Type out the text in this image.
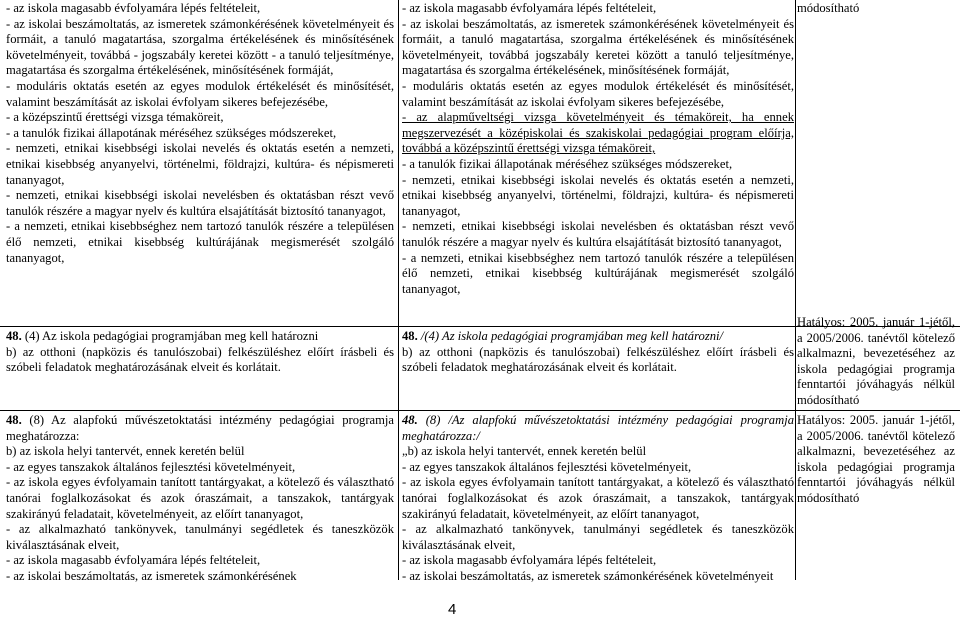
- az iskola magasabb évfolyamára lépés feltételeit,

- az iskolai beszámoltatás, az ismeretek számonkérésének követelményeit és formáit, a tanuló magatartása, szorgalma értékelésének és minősítésének követelményeit, továbbá - jogszabály keretei között - a tanuló teljesítménye, magatartása és szorgalma értékelésének, minősítésének formáját,

- moduláris oktatás esetén az egyes modulok értékelését és minősítését, valamint beszámítását az iskolai évfolyam sikeres befejezésébe,

- a középszintű érettségi vizsga témaköreit,

- a tanulók fizikai állapotának méréséhez szükséges módszereket,

- nemzeti, etnikai kisebbségi iskolai nevelés és oktatás esetén a nemzeti, etnikai kisebbség anyanyelvi, történelmi, földrajzi, kultúra- és népismereti tananyagot,

- nemzeti, etnikai kisebbségi iskolai nevelésben és oktatásban részt vevő tanulók részére a magyar nyelv és kultúra elsajátítását biztosító tananyagot,

- a nemzeti, etnikai kisebbséghez nem tartozó tanulók részére a településen élő nemzeti, etnikai kisebbség kultúrájának megismerését szolgáló tananyagot,

48. (4) Az iskola pedagógiai programjában meg kell határozni

b) az otthoni (napközis és tanulószobai) felkészüléshez előírt írásbeli és szóbeli feladatok meghatározásának elveit és korlátait.

48. (8) Az alapfokú művészetoktatási intézmény pedagógiai programja meghatározza:

b) az iskola helyi tantervét, ennek keretén belül

- az egyes tanszakok általános fejlesztési követelményeit,

- az iskola egyes évfolyamain tanított tantárgyakat, a kötelező és választható tanórai foglalkozásokat és azok óraszámait, a tanszakok, tantárgyak szakirányú feladatait, követelményeit, az előírt tananyagot,

- az alkalmazható tankönyvek, tanulmányi segédletek és taneszközök kiválasztásának elveit,

- az iskola magasabb évfolyamára lépés feltételeit,

- az iskolai beszámoltatás, az ismeretek számonkérésének

- az iskola magasabb évfolyamára lépés feltételeit,

- az iskolai beszámoltatás, az ismeretek számonkérésének követelményeit és formáit, a tanuló magatartása, szorgalma értékelésének és minősítésének követelményeit, továbbá jogszabály keretei között a tanuló teljesítménye, magatartása és szorgalma értékelésének, minősítésének formáját,

- moduláris oktatás esetén az egyes modulok értékelését és minősítését, valamint beszámítását az iskolai évfolyam sikeres befejezésébe,

- az alapműveltségi vizsga követelményeit és témaköreit, ha ennek megszervezését a középiskolai és szakiskolai pedagógiai program előírja, továbbá a középszintű érettségi vizsga témaköreit,

- a tanulók fizikai állapotának méréséhez szükséges módszereket,

- nemzeti, etnikai kisebbségi iskolai nevelés és oktatás esetén a nemzeti, etnikai kisebbség anyanyelvi, történelmi, földrajzi, kultúra- és népismereti tananyagot,

- nemzeti, etnikai kisebbségi iskolai nevelésben és oktatásban részt vevő tanulók részére a magyar nyelv és kultúra elsajátítását biztosító tananyagot,

- a nemzeti, etnikai kisebbséghez nem tartozó tanulók részére a településen élő nemzeti, etnikai kisebbség kultúrájának megismerését szolgáló tananyagot,

48. /(4) Az iskola pedagógiai programjában meg kell határozni/

b) az otthoni (napközis és tanulószobai) felkészüléshez előírt írásbeli és szóbeli feladatok meghatározásának elveit és korlátait.

48. (8) /Az alapfokú művészetoktatási intézmény pedagógiai programja meghatározza:/

„b) az iskola helyi tantervét, ennek keretén belül

- az egyes tanszakok általános fejlesztési követelményeit,

- az iskola egyes évfolyamain tanított tantárgyakat, a kötelező és választható tanórai foglalkozásokat és azok óraszámait, a tanszakok, tantárgyak szakirányú feladatait, követelményeit, az előírt tananyagot,

- az alkalmazható tankönyvek, tanulmányi segédletek és taneszközök kiválasztásának elveit,

- az iskola magasabb évfolyamára lépés feltételeit,

- az iskolai beszámoltatás, az ismeretek számonkérésének követelményeit

módosítható

Hatályos: 2005. január 1-jétől, a 2005/2006. tanévtől kötelező alkalmazni, bevezetéséhez az iskola pedagógiai programja fenntartói jóváhagyás nélkül módosítható

Hatályos: 2005. január 1-jétől, a 2005/2006. tanévtől kötelező alkalmazni, bevezetéséhez az iskola pedagógiai programja fenntartói jóváhagyás nélkül módosítható

4
